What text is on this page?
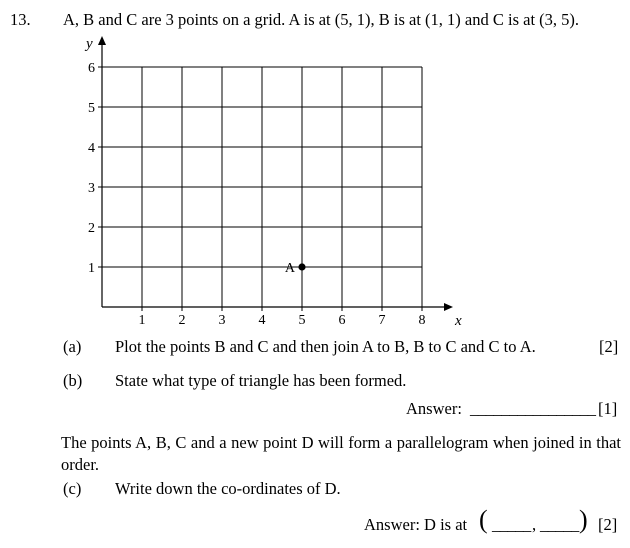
13. A, B and C are 3 points on a grid. A is at (5, 1), B is at (1, 1) and C is at (3, 5).
1 2 3 4 5 6 7 8
1
2
3
4
5
6
x
y
A
(a) Plot the points B and C and then join A to B, B to C and C to A.	[2]
(b) State what type of triangle has been formed.
Answer: ________________ [1]
The points A, B, C and a new point D will form a parallelogram when joined in that order.
(c) Write down the co-ordinates of D.
Answer: D is at ( _____ , _____ ) [2]
